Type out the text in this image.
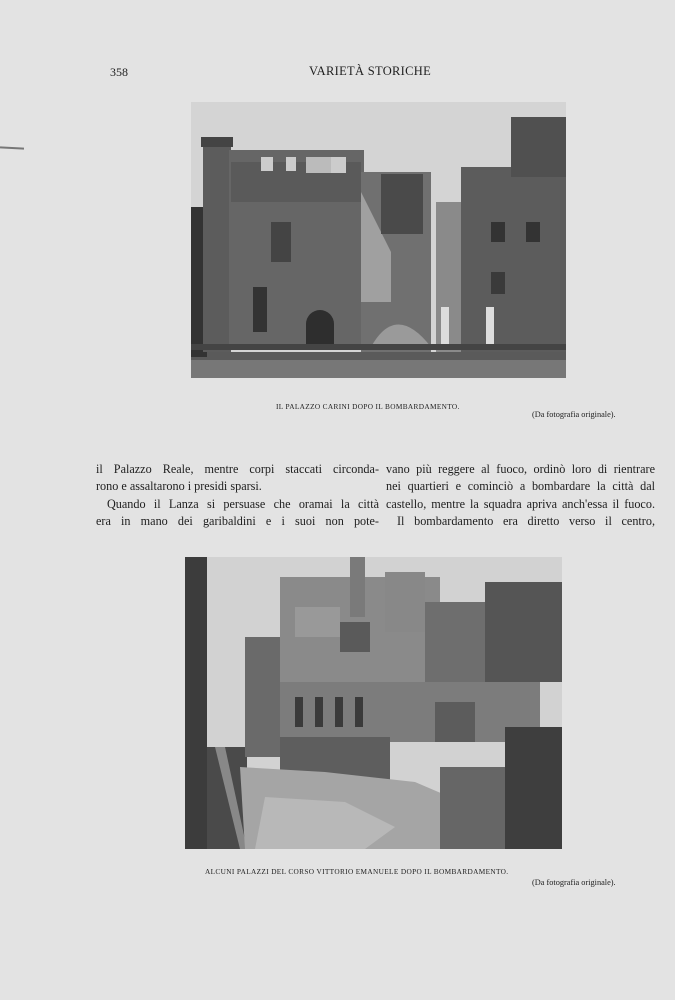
358	VARIETÀ STORICHE
IL PALAZZO CARINI DOPO IL BOMBARDAMENTO.
(Da fotografia originale).

il Palazzo Reale, mentre corpi staccati circonda-

rono e assaltarono i presidi sparsi.

Quando il Lanza si persuase che oramai la città

era in mano dei garibaldini e i suoi non pote-

vano più reggere al fuoco, ordinò loro di rientrare

nei quartieri e cominciò a bombardare la città dal

castello, mentre la squadra apriva anch'essa il fuoco.

Il bombardamento era diretto verso il centro,

ALCUNI PALAZZI DEL CORSO VITTORIO EMANUELE DOPO IL BOMBARDAMENTO.
(Da fotografia originale).
